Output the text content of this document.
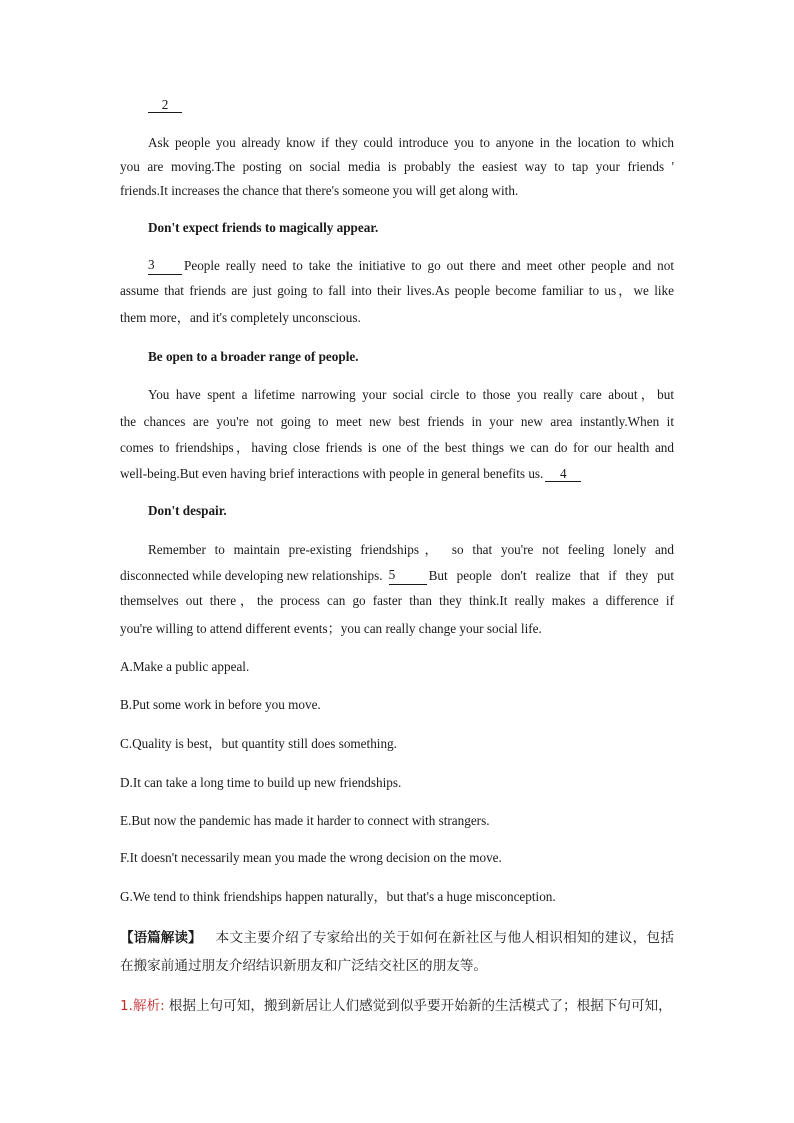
2
Ask people you already know if they could introduce you to anyone in the location to which
you are moving.The posting on social media is probably the easiest way to tap your friends '
friends.It increases the chance that there's someone you will get along with.
Don't expect friends to magically appear.
3	People really need to take the initiative to go out there and meet other people and not
assume that friends are just going to fall into their lives.As people become familiar to us，we like
them more，and it's completely unconscious.
Be open to a broader range of people.
You have spent a lifetime narrowing your social circle to those you really care about，but
the chances are you're not going to meet new best friends in your new area instantly.When it
comes to friendships，having close friends is one of the best things we can do for our health and
well-being.But even having brief interactions with people in general benefits us. 4
Don't despair.
Remember to maintain pre-existing friendships， so that you're not feeling lonely and
disconnected while developing new relationships. 5	But people don't realize that if they put
themselves out there，the process can go faster than they think.It really makes a difference if
you're willing to attend different events；you can really change your social life.
A.Make a public appeal.
B.Put some work in before you move.
C.Quality is best，but quantity still does something.
D.It can take a long time to build up new friendships.
E.But now the pandemic has made it harder to connect with strangers.
F.It doesn't necessarily mean you made the wrong decision on the move.
G.We tend to think friendships happen naturally，but that's a huge misconception.
【语篇解读】 本文主要介绍了专家给出的关于如何在新社区与他人相识相知的建议，包括
在搬家前通过朋友介绍结识新朋友和广泛结交社区的朋友等。
1.解析: 根据上句可知，搬到新居让人们感觉到似乎要开始新的生活模式了；根据下句可知，
